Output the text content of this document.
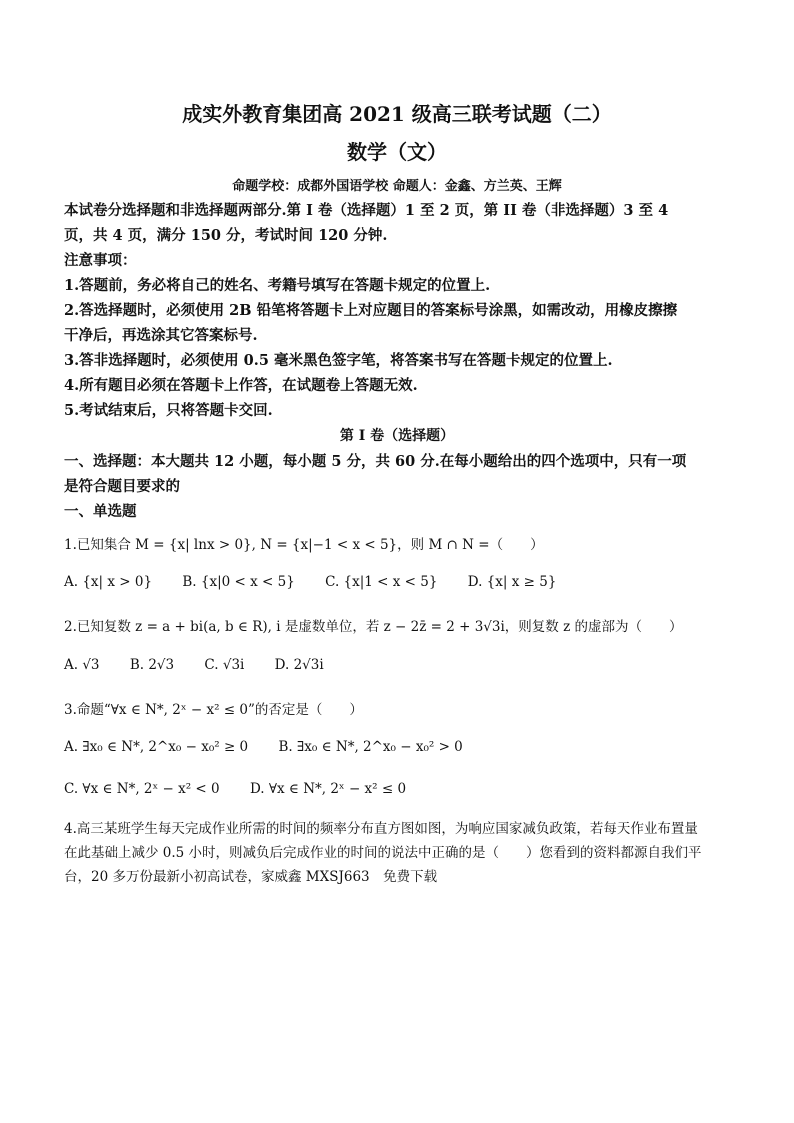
成实外教育集团高 2021 级高三联考试题（二）
数学（文）
命题学校：成都外国语学校 命题人：金鑫、方兰英、王辉
本试卷分选择题和非选择题两部分.第 I 卷（选择题）1 至 2 页，第 II 卷（非选择题）3 至 4
页，共 4 页，满分 150 分，考试时间 120 分钟.
注意事项：
1.答题前，务必将自己的姓名、考籍号填写在答题卡规定的位置上.
2.答选择题时，必须使用 2B 铅笔将答题卡上对应题目的答案标号涂黑，如需改动，用橡皮擦擦
干净后，再选涂其它答案标号.
3.答非选择题时，必须使用 0.5 毫米黑色签字笔，将答案书写在答题卡规定的位置上.
4.所有题目必须在答题卡上作答，在试题卷上答题无效.
5.考试结束后，只将答题卡交回.
第 I 卷（选择题）
一、选择题：本大题共 12 小题，每小题 5 分，共 60 分.在每小题给出的四个选项中，只有一项
是符合题目要求的
一、单选题
1.已知集合 M = {x| lnx > 0}, N = {x|−1 < x < 5}，则 M ∩ N =（　　）
A. {x| x > 0} B. {x|0 < x < 5} C. {x|1 < x < 5} D. {x| x ≥ 5}
2.已知复数 z = a + bi(a, b ∈ R), i 是虚数单位，若 z − 2z̄ = 2 + 3√3i，则复数 z 的虚部为（　　）
A. √3 B. 2√3 C. √3i D. 2√3i
3.命题“∀x ∈ N*, 2ˣ − x² ≤ 0”的否定是（　　）
A. ∃x₀ ∈ N*, 2^x₀ − x₀² ≥ 0 B. ∃x₀ ∈ N*, 2^x₀ − x₀² > 0
C. ∀x ∈ N*, 2ˣ − x² < 0 D. ∀x ∈ N*, 2ˣ − x² ≤ 0
4.高三某班学生每天完成作业所需的时间的频率分布直方图如图，为响应国家减负政策，若每天作业布置量
在此基础上减少 0.5 小时，则减负后完成作业的时间的说法中正确的是（　　）您看到的资料都源自我们平
台，20 多万份最新小初高试卷，家威鑫 MXSJ663　免费下载
